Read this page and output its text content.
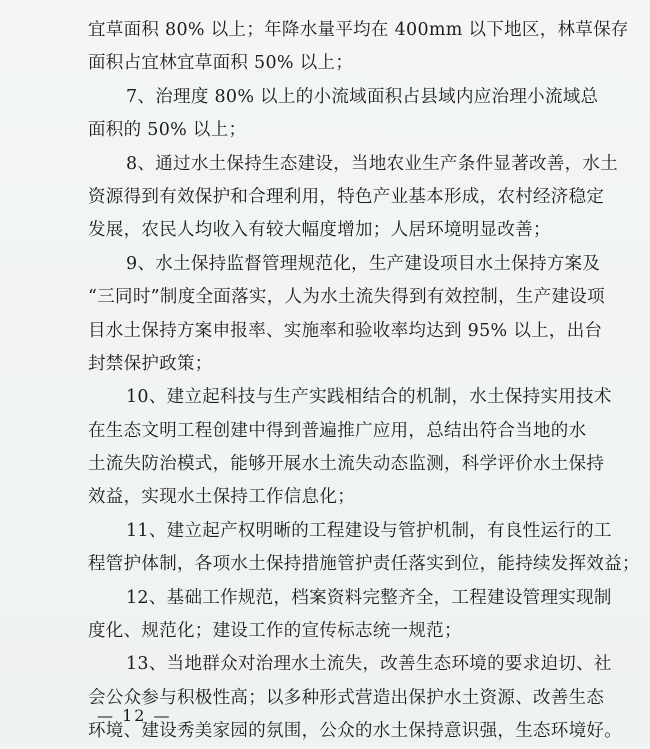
宜草面积 80% 以上；年降水量平均在 400mm 以下地区，林草保存
面积占宜林宜草面积 50% 以上；
7、治理度 80% 以上的小流域面积占县域内应治理小流域总
面积的 50% 以上；
8、通过水土保持生态建设，当地农业生产条件显著改善，水土
资源得到有效保护和合理利用，特色产业基本形成，农村经济稳定
发展，农民人均收入有较大幅度增加；人居环境明显改善；
9、水土保持监督管理规范化，生产建设项目水土保持方案及
“三同时”制度全面落实，人为水土流失得到有效控制，生产建设项
目水土保持方案申报率、实施率和验收率均达到 95% 以上，出台
封禁保护政策；
10、建立起科技与生产实践相结合的机制，水土保持实用技术
在生态文明工程创建中得到普遍推广应用，总结出符合当地的水
土流失防治模式，能够开展水土流失动态监测，科学评价水土保持
效益，实现水土保持工作信息化；
11、建立起产权明晰的工程建设与管护机制，有良性运行的工
程管护体制，各项水土保持措施管护责任落实到位，能持续发挥效益；
12、基础工作规范，档案资料完整齐全，工程建设管理实现制
度化、规范化；建设工作的宣传标志统一规范；
13、当地群众对治理水土流失，改善生态环境的要求迫切、社
会公众参与积极性高；以多种形式营造出保护水土资源、改善生态
环境、建设秀美家园的氛围，公众的水土保持意识强，生态环境好。
— 12 —
